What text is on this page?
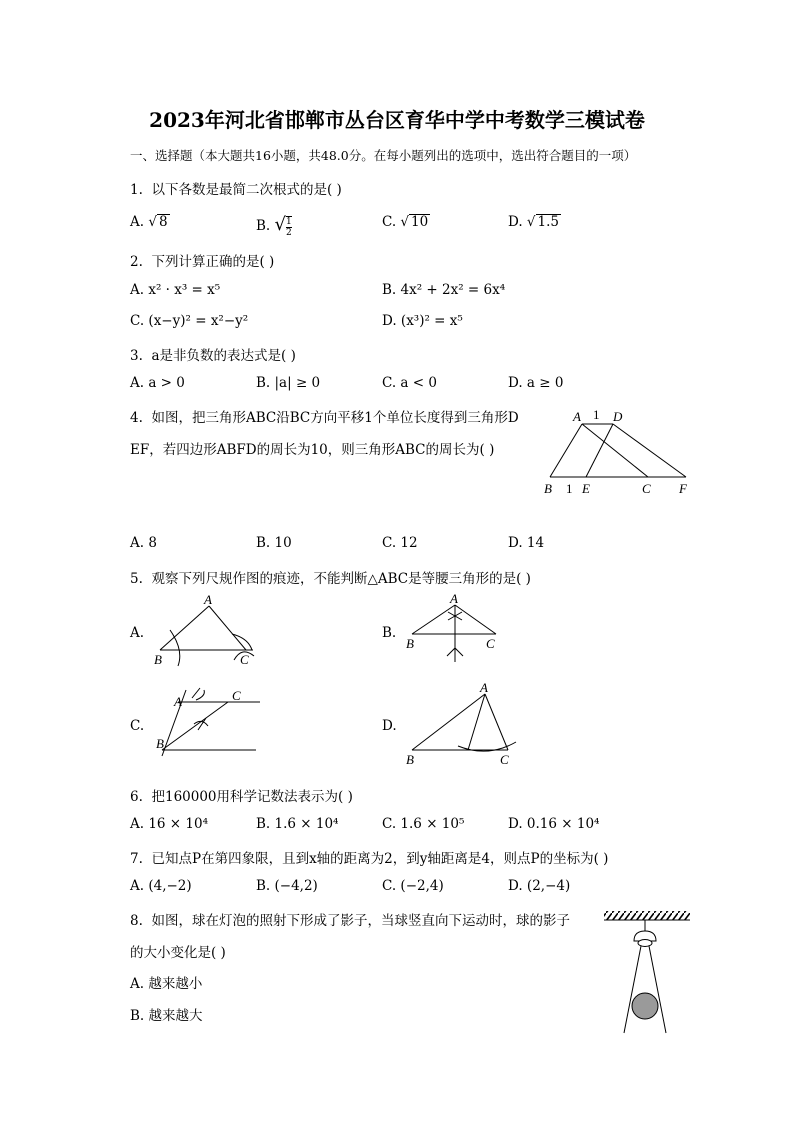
2023年河北省邯郸市丛台区育华中学中考数学三模试卷
一、选择题（本大题共16小题，共48.0分。在每小题列出的选项中，选出符合题目的一项）
1. 以下各数是最简二次根式的是( )
A. √ 8	B. √ $\frac{1}{2}$	C. √ 10	D. √ 1.5
2. 下列计算正确的是( )
A. x² · x³ = x⁵	B. 4x² + 2x² = 6x⁴
C. (x−y)² = x²−y²	D. (x³)² = x⁵
3. a是非负数的表达式是( )
A. a > 0	B. |a| ≥ 0	C. a < 0	D. a ≥ 0
4. 如图，把三角形ABC沿BC方向平移1个单位长度得到三角形D
EF，若四边形ABFD的周长为10，则三角形ABC的周长为( )
A 1 D
B 1 E	C F
A. 8	B. 10	C. 12	D. 14
5. 观察下列尺规作图的痕迹，不能判断△ABC是等腰三角形的是( )
A.
A
B	C
B.
A
B	C
C.
A	C
B
D.
A
B	C
6. 把160000用科学记数法表示为( )
A. 16 × 10⁴	B. 1.6 × 10⁴	C. 1.6 × 10⁵	D. 0.16 × 10⁴
7. 已知点P在第四象限，且到x轴的距离为2，到y轴距离是4，则点P的坐标为( )
A. (4,−2)	B. (−4,2)	C. (−2,4)	D. (2,−4)
8. 如图，球在灯泡的照射下形成了影子，当球竖直向下运动时，球的影子
的大小变化是( )
A. 越来越小
B. 越来越大
